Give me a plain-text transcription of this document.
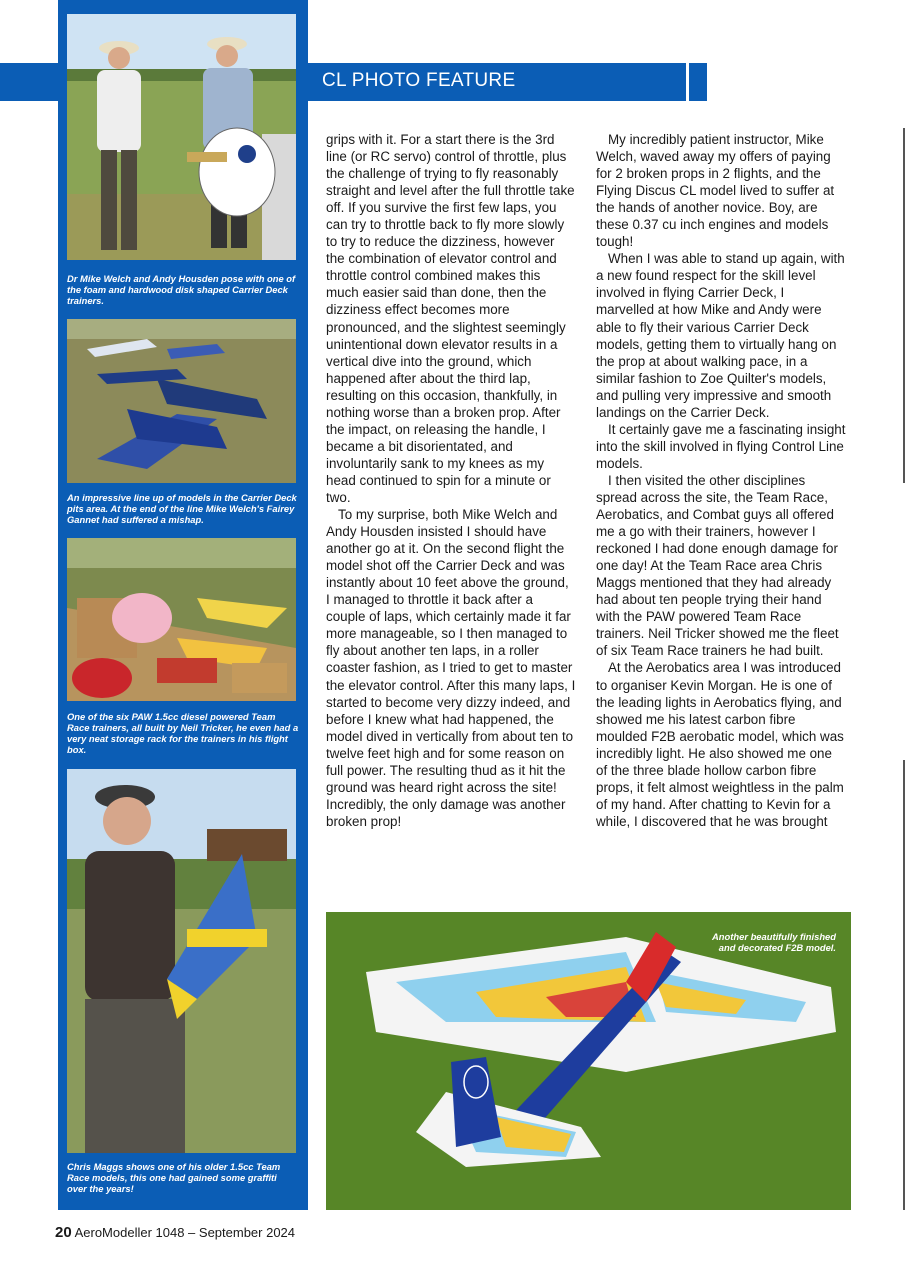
CL PHOTO FEATURE

Dr Mike Welch and Andy Housden pose with one of the foam and hardwood disk shaped Carrier Deck trainers.

An impressive line up of models in the Carrier Deck pits area. At the end of the line Mike Welch's Fairey Gannet had suffered a mishap.

One of the six PAW 1.5cc diesel powered Team Race trainers, all built by Neil Tricker, he even had a very neat storage rack for the trainers in his flight box.

Chris Maggs shows one of his older 1.5cc Team Race models, this one had gained some graffiti over the years!

grips with it. For a start there is the 3rd line (or RC servo) control of throttle, plus the challenge of trying to fly reasonably straight and level after the full throttle take off. If you survive the first few laps, you can try to throttle back to fly more slowly to try to reduce the dizziness, however the combination of elevator control and throttle control combined makes this much easier said than done, then the dizziness effect becomes more pronounced, and the slightest seemingly unintentional down elevator results in a vertical dive into the ground, which happened after about the third lap, resulting on this occasion, thankfully, in nothing worse than a broken prop. After the impact, on releasing the handle, I became a bit disorientated, and involuntarily sank to my knees as my head continued to spin for a minute or two.

To my surprise, both Mike Welch and Andy Housden insisted I should have another go at it. On the second flight the model shot off the Carrier Deck and was instantly about 10 feet above the ground, I managed to throttle it back after a couple of laps, which certainly made it far more manageable, so I then managed to fly about another ten laps, in a roller coaster fashion, as I tried to get to master the elevator control. After this many laps, I started to become very dizzy indeed, and before I knew what had happened, the model dived in vertically from about ten to twelve feet high and for some reason on full power. The resulting thud as it hit the ground was heard right across the site! Incredibly, the only damage was another broken prop!

My incredibly patient instructor, Mike Welch, waved away my offers of paying for 2 broken props in 2 flights, and the Flying Discus CL model lived to suffer at the hands of another novice. Boy, are these 0.37 cu inch engines and models tough!

When I was able to stand up again, with a new found respect for the skill level involved in flying Carrier Deck, I marvelled at how Mike and Andy were able to fly their various Carrier Deck models, getting them to virtually hang on the prop at about walking pace, in a similar fashion to Zoe Quilter's models, and pulling very impressive and smooth landings on the Carrier Deck.

It certainly gave me a fascinating insight into the skill involved in flying Control Line models.

I then visited the other disciplines spread across the site, the Team Race, Aerobatics, and Combat guys all offered me a go with their trainers, however I reckoned I had done enough damage for one day! At the Team Race area Chris Maggs mentioned that they had already had about ten people trying their hand with the PAW powered Team Race trainers. Neil Tricker showed me the fleet of six Team Race trainers he had built.

At the Aerobatics area I was introduced to organiser Kevin Morgan. He is one of the leading lights in Aerobatics flying, and showed me his latest carbon fibre moulded F2B aerobatic model, which was incredibly light. He also showed me one of the three blade hollow carbon fibre props, it felt almost weightless in the palm of my hand. After chatting to Kevin for a while, I discovered that he was brought

Another beautifully finished and decorated F2B model.
20 AeroModeller 1048 – September 2024
